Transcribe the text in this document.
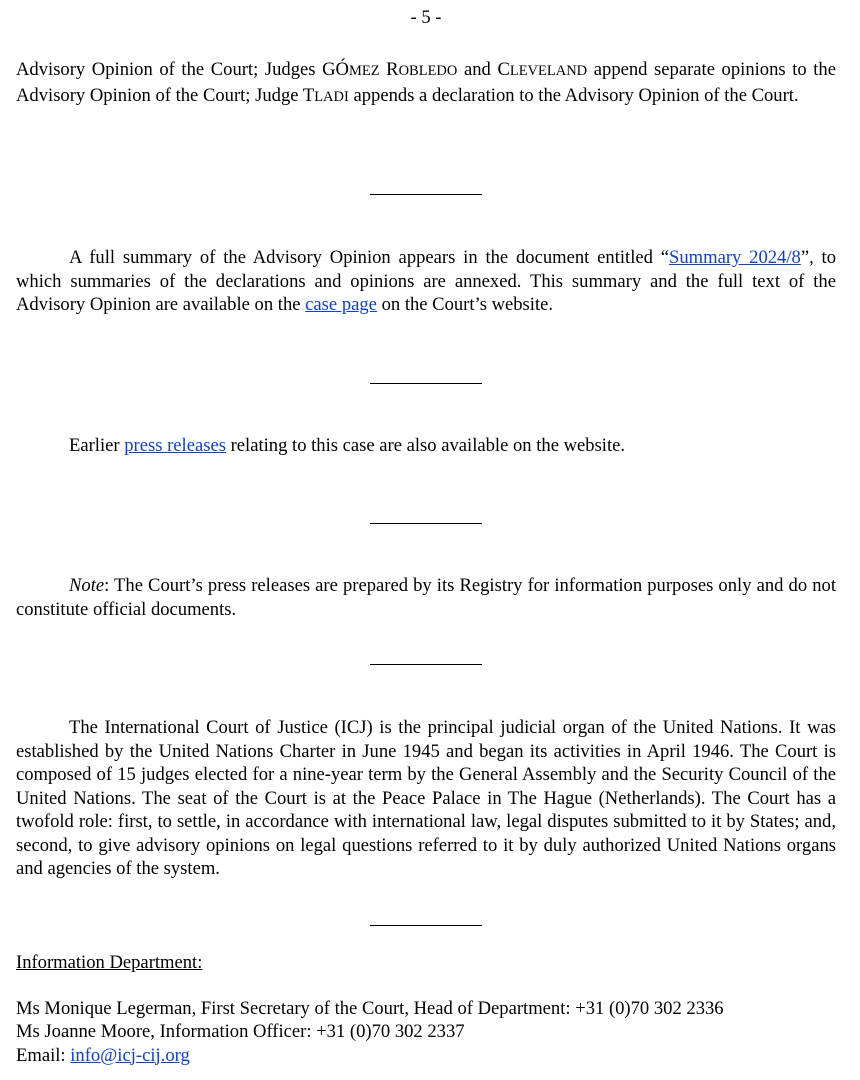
- 5 -

Advisory Opinion of the Court; Judges GÓMEZ ROBLEDO and CLEVELAND append separate opinions to the Advisory Opinion of the Court; Judge TLADI appends a declaration to the Advisory Opinion of the Court.

A full summary of the Advisory Opinion appears in the document entitled “Summary 2024/8”, to which summaries of the declarations and opinions are annexed. This summary and the full text of the Advisory Opinion are available on the case page on the Court’s website.

Earlier press releases relating to this case are also available on the website.

Note: The Court’s press releases are prepared by its Registry for information purposes only and do not constitute official documents.

The International Court of Justice (ICJ) is the principal judicial organ of the United Nations. It was established by the United Nations Charter in June 1945 and began its activities in April 1946. The Court is composed of 15 judges elected for a nine-year term by the General Assembly and the Security Council of the United Nations. The seat of the Court is at the Peace Palace in The Hague (Netherlands). The Court has a twofold role: first, to settle, in accordance with international law, legal disputes submitted to it by States; and, second, to give advisory opinions on legal questions referred to it by duly authorized United Nations organs and agencies of the system.

Information Department:
Ms Monique Legerman, First Secretary of the Court, Head of Department: +31 (0)70 302 2336
Ms Joanne Moore, Information Officer: +31 (0)70 302 2337
Email: info@icj-cij.org
